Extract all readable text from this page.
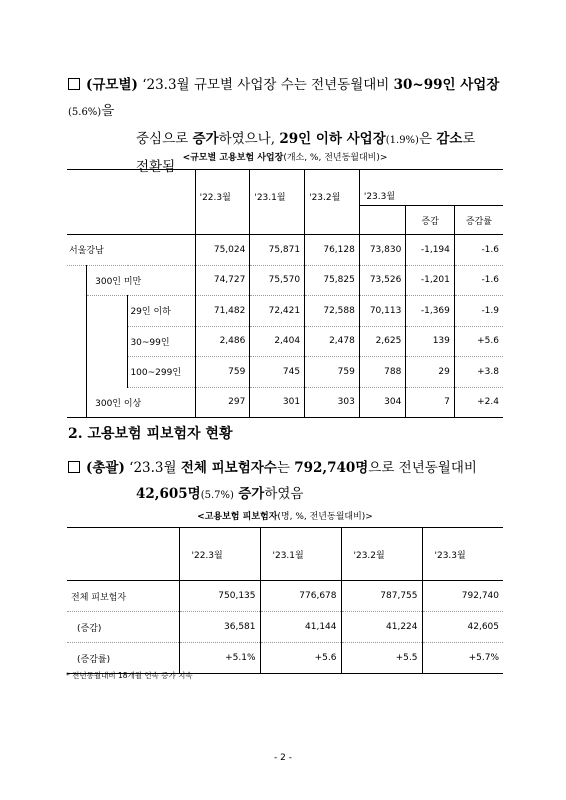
(규모별) ‘23.3월 규모별 사업장 수는 전년동월대비 30~99인 사업장(5.6%)을
중심으로 증가하였으나, 29인 이하 사업장(1.9%)은 감소로
전환됨
<규모별 고용보험 사업장(개소, %, 전년동월대비)>
			'22.3월	'23.1월	'23.2월	'23.3월		
							증감	증감률
서울강남			75,024	75,871	76,128	73,830	-1,194	-1.6
	300인 미만		74,727	75,570	75,825	73,526	-1,201	-1.6
		29인 이하	71,482	72,421	72,588	70,113	-1,369	-1.9
		30~99인	2,486	2,404	2,478	2,625	139	+5.6
		100~299인	759	745	759	788	29	+3.8
	300인 이상		297	301	303	304	7	+2.4
2. 고용보험 피보험자 현황
(총괄) ‘23.3월 전체 피보험자수는 792,740명으로 전년동월대비
42,605명(5.7%) 증가하였음
<고용보험 피보험자(명, %, 전년동월대비)>
	'22.3월	'23.1월	'23.2월	'23.3월
전체 피보험자	750,135	776,678	787,755	792,740
(증감)	36,581	41,144	41,224	42,605
(증감률)	+5.1%	+5.6	+5.5	+5.7%
* 전년동월대비 18개월 연속 증가 지속
- 2 -
